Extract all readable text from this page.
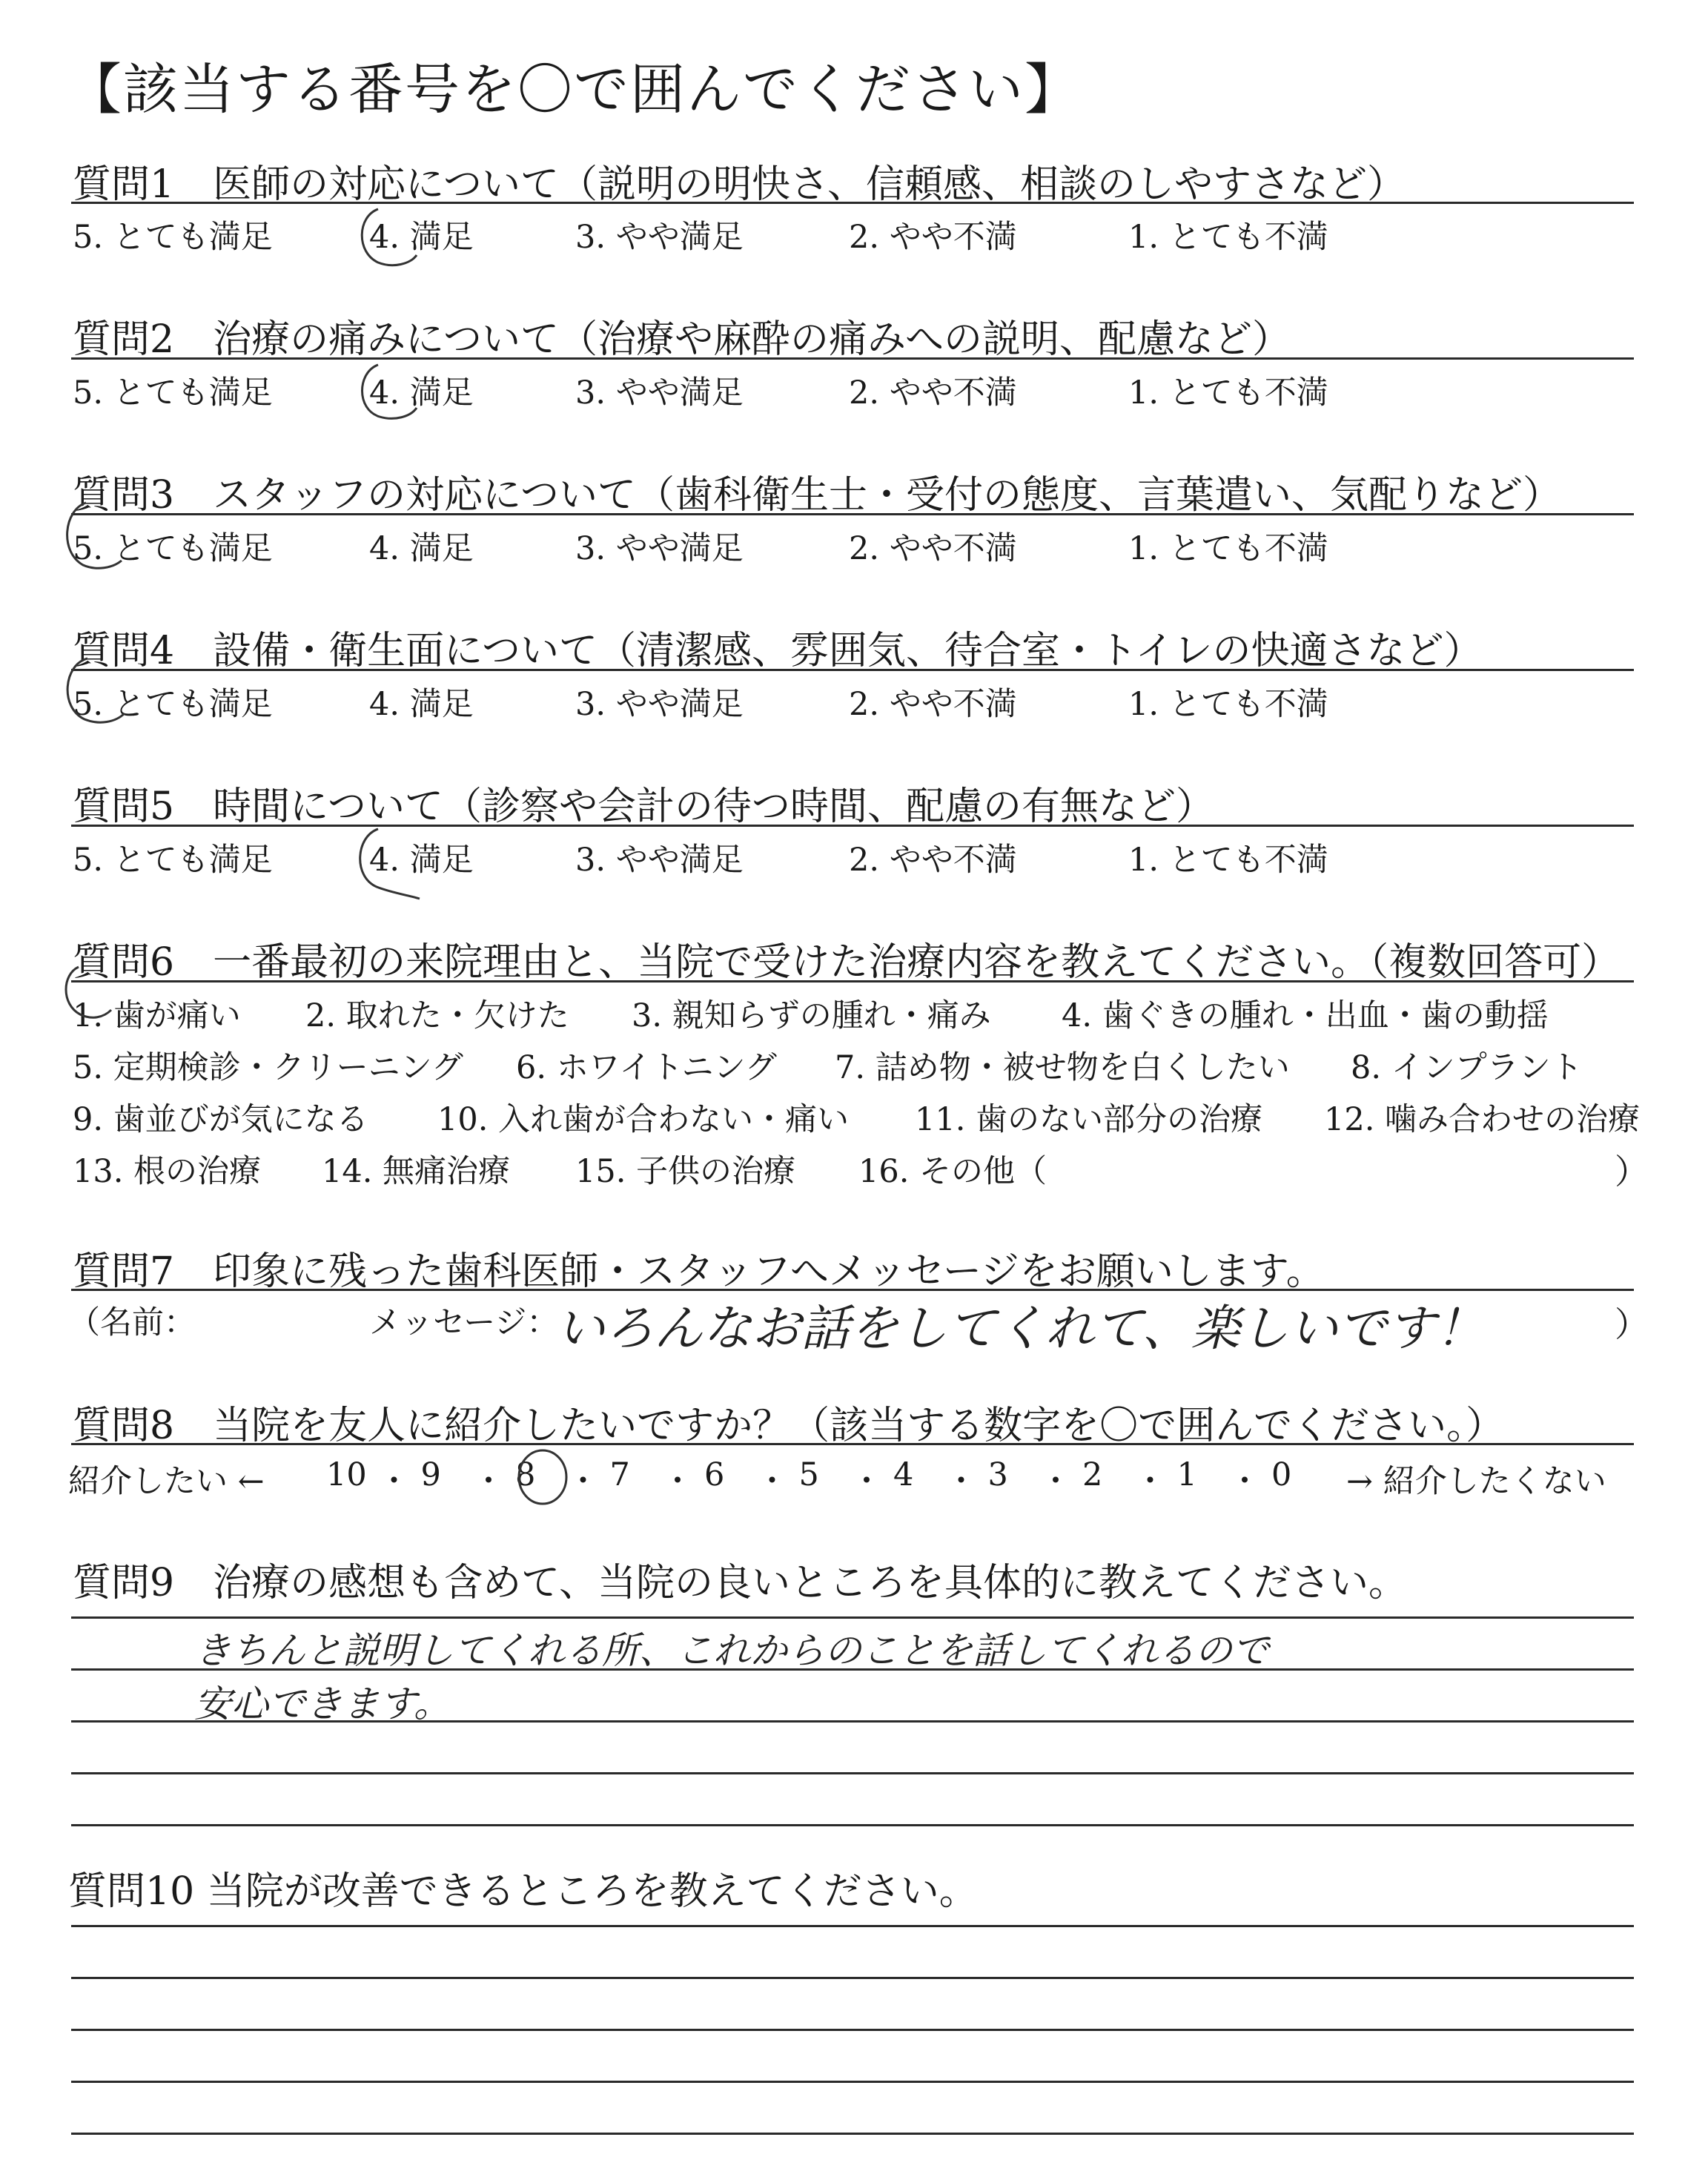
【該当する番号を〇で囲んでください】
質問1　医師の対応について（説明の明快さ、信頼感、相談のしやすさなど）
5. とても満足	4. 満足	3. やや満足	2. やや不満	1. とても不満
質問2　治療の痛みについて（治療や麻酔の痛みへの説明、配慮など）
5. とても満足	4. 満足	3. やや満足	2. やや不満	1. とても不満
質問3　スタッフの対応について（歯科衛生士・受付の態度、言葉遣い、気配りなど）
5. とても満足	4. 満足	3. やや満足	2. やや不満	1. とても不満
質問4　設備・衛生面について（清潔感、雰囲気、待合室・トイレの快適さなど）
5. とても満足	4. 満足	3. やや満足	2. やや不満	1. とても不満
質問5　時間について（診察や会計の待つ時間、配慮の有無など）
5. とても満足	4. 満足	3. やや満足	2. やや不満	1. とても不満
質問6　一番最初の来院理由と、当院で受けた治療内容を教えてください。（複数回答可）
1. 歯が痛い 2. 取れた・欠けた 3. 親知らずの腫れ・痛み 4. 歯ぐきの腫れ・出血・歯の動揺
5. 定期検診・クリーニング 6. ホワイトニング 7. 詰め物・被せ物を白くしたい 8. インプラント
9. 歯並びが気になる 10. 入れ歯が合わない・痛い 11. 歯のない部分の治療 12. 噛み合わせの治療
13. 根の治療 14. 無痛治療 15. 子供の治療 16. その他（	）
質問7　印象に残った歯科医師・スタッフへメッセージをお願いします。
（名前：	メッセージ：
いろんなお話をしてくれて、楽しいです！	）
質問8　当院を友人に紹介したいですか？（該当する数字を〇で囲んでください。）
紹介したい ← 10 ・ 9 ・ 8 ・ 7 ・ 6 ・ 5 ・ 4 ・ 3 ・ 2 ・ 1 ・ 0 → 紹介したくない
質問9　治療の感想も含めて、当院の良いところを具体的に教えてください。
きちんと説明してくれる所、これからのことを話してくれるので
安心できます。
質問10 当院が改善できるところを教えてください。
